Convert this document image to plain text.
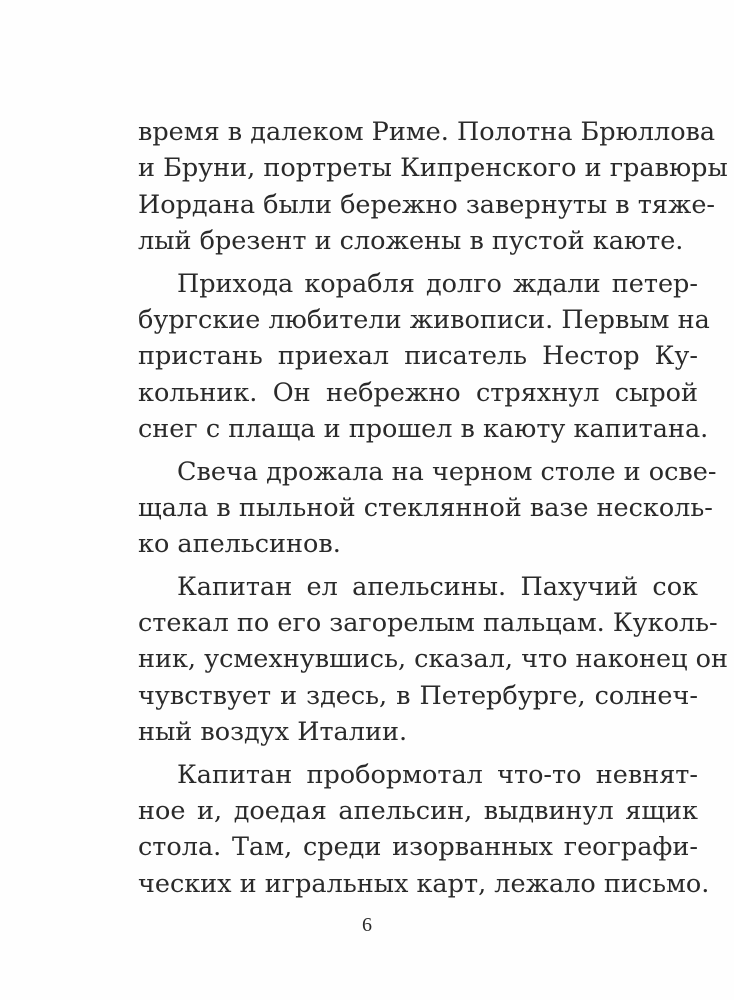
время в далеком Риме. Полотна Брюллова
и Бруни, портреты Кипренского и гравюры
Иордана были бережно завернуты в тяже-
лый брезент и сложены в пустой каюте.
Прихода корабля долго ждали петер-
бургские любители живописи. Первым на
пристань приехал писатель Нестор Ку-
кольник. Он небрежно стряхнул сырой
снег с плаща и прошел в каюту капитана.
Свеча дрожала на черном столе и осве-
щала в пыльной стеклянной вазе несколь-
ко апельсинов.
Капитан ел апельсины. Пахучий сок
стекал по его загорелым пальцам. Куколь-
ник, усмехнувшись, сказал, что наконец он
чувствует и здесь, в Петербурге, солнеч-
ный воздух Италии.
Капитан пробормотал что-то невнят-
ное и, доедая апельсин, выдвинул ящик
стола. Там, среди изорванных географи-
ческих и игральных карт, лежало письмо.
6
